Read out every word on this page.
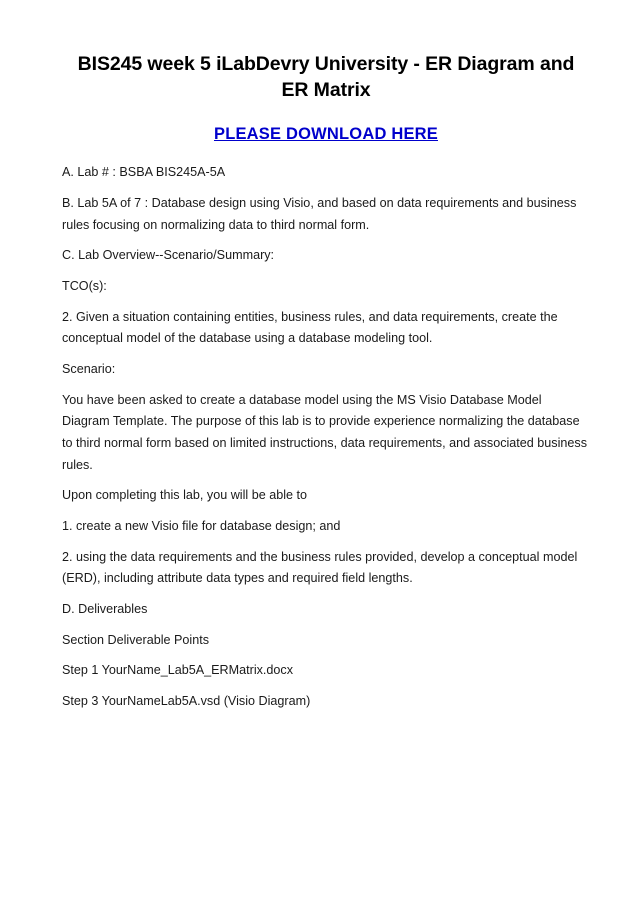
BIS245 week 5 iLabDevry University - ER Diagram and ER Matrix
PLEASE DOWNLOAD HERE

A. Lab # : BSBA BIS245A-5A

B. Lab 5A of 7 : Database design using Visio, and based on data requirements and business rules focusing on normalizing data to third normal form.

C. Lab Overview--Scenario/Summary:

TCO(s):

2. Given a situation containing entities, business rules, and data requirements, create the conceptual model of the database using a database modeling tool.

Scenario:

You have been asked to create a database model using the MS Visio Database Model Diagram Template. The purpose of this lab is to provide experience normalizing the database to third normal form based on limited instructions, data requirements, and associated business rules.

Upon completing this lab, you will be able to

1. create a new Visio file for database design; and

2. using the data requirements and the business rules provided, develop a conceptual model (ERD), including attribute data types and required field lengths.

D. Deliverables

Section Deliverable Points

Step 1 YourName_Lab5A_ERMatrix.docx

Step 3 YourNameLab5A.vsd (Visio Diagram)
